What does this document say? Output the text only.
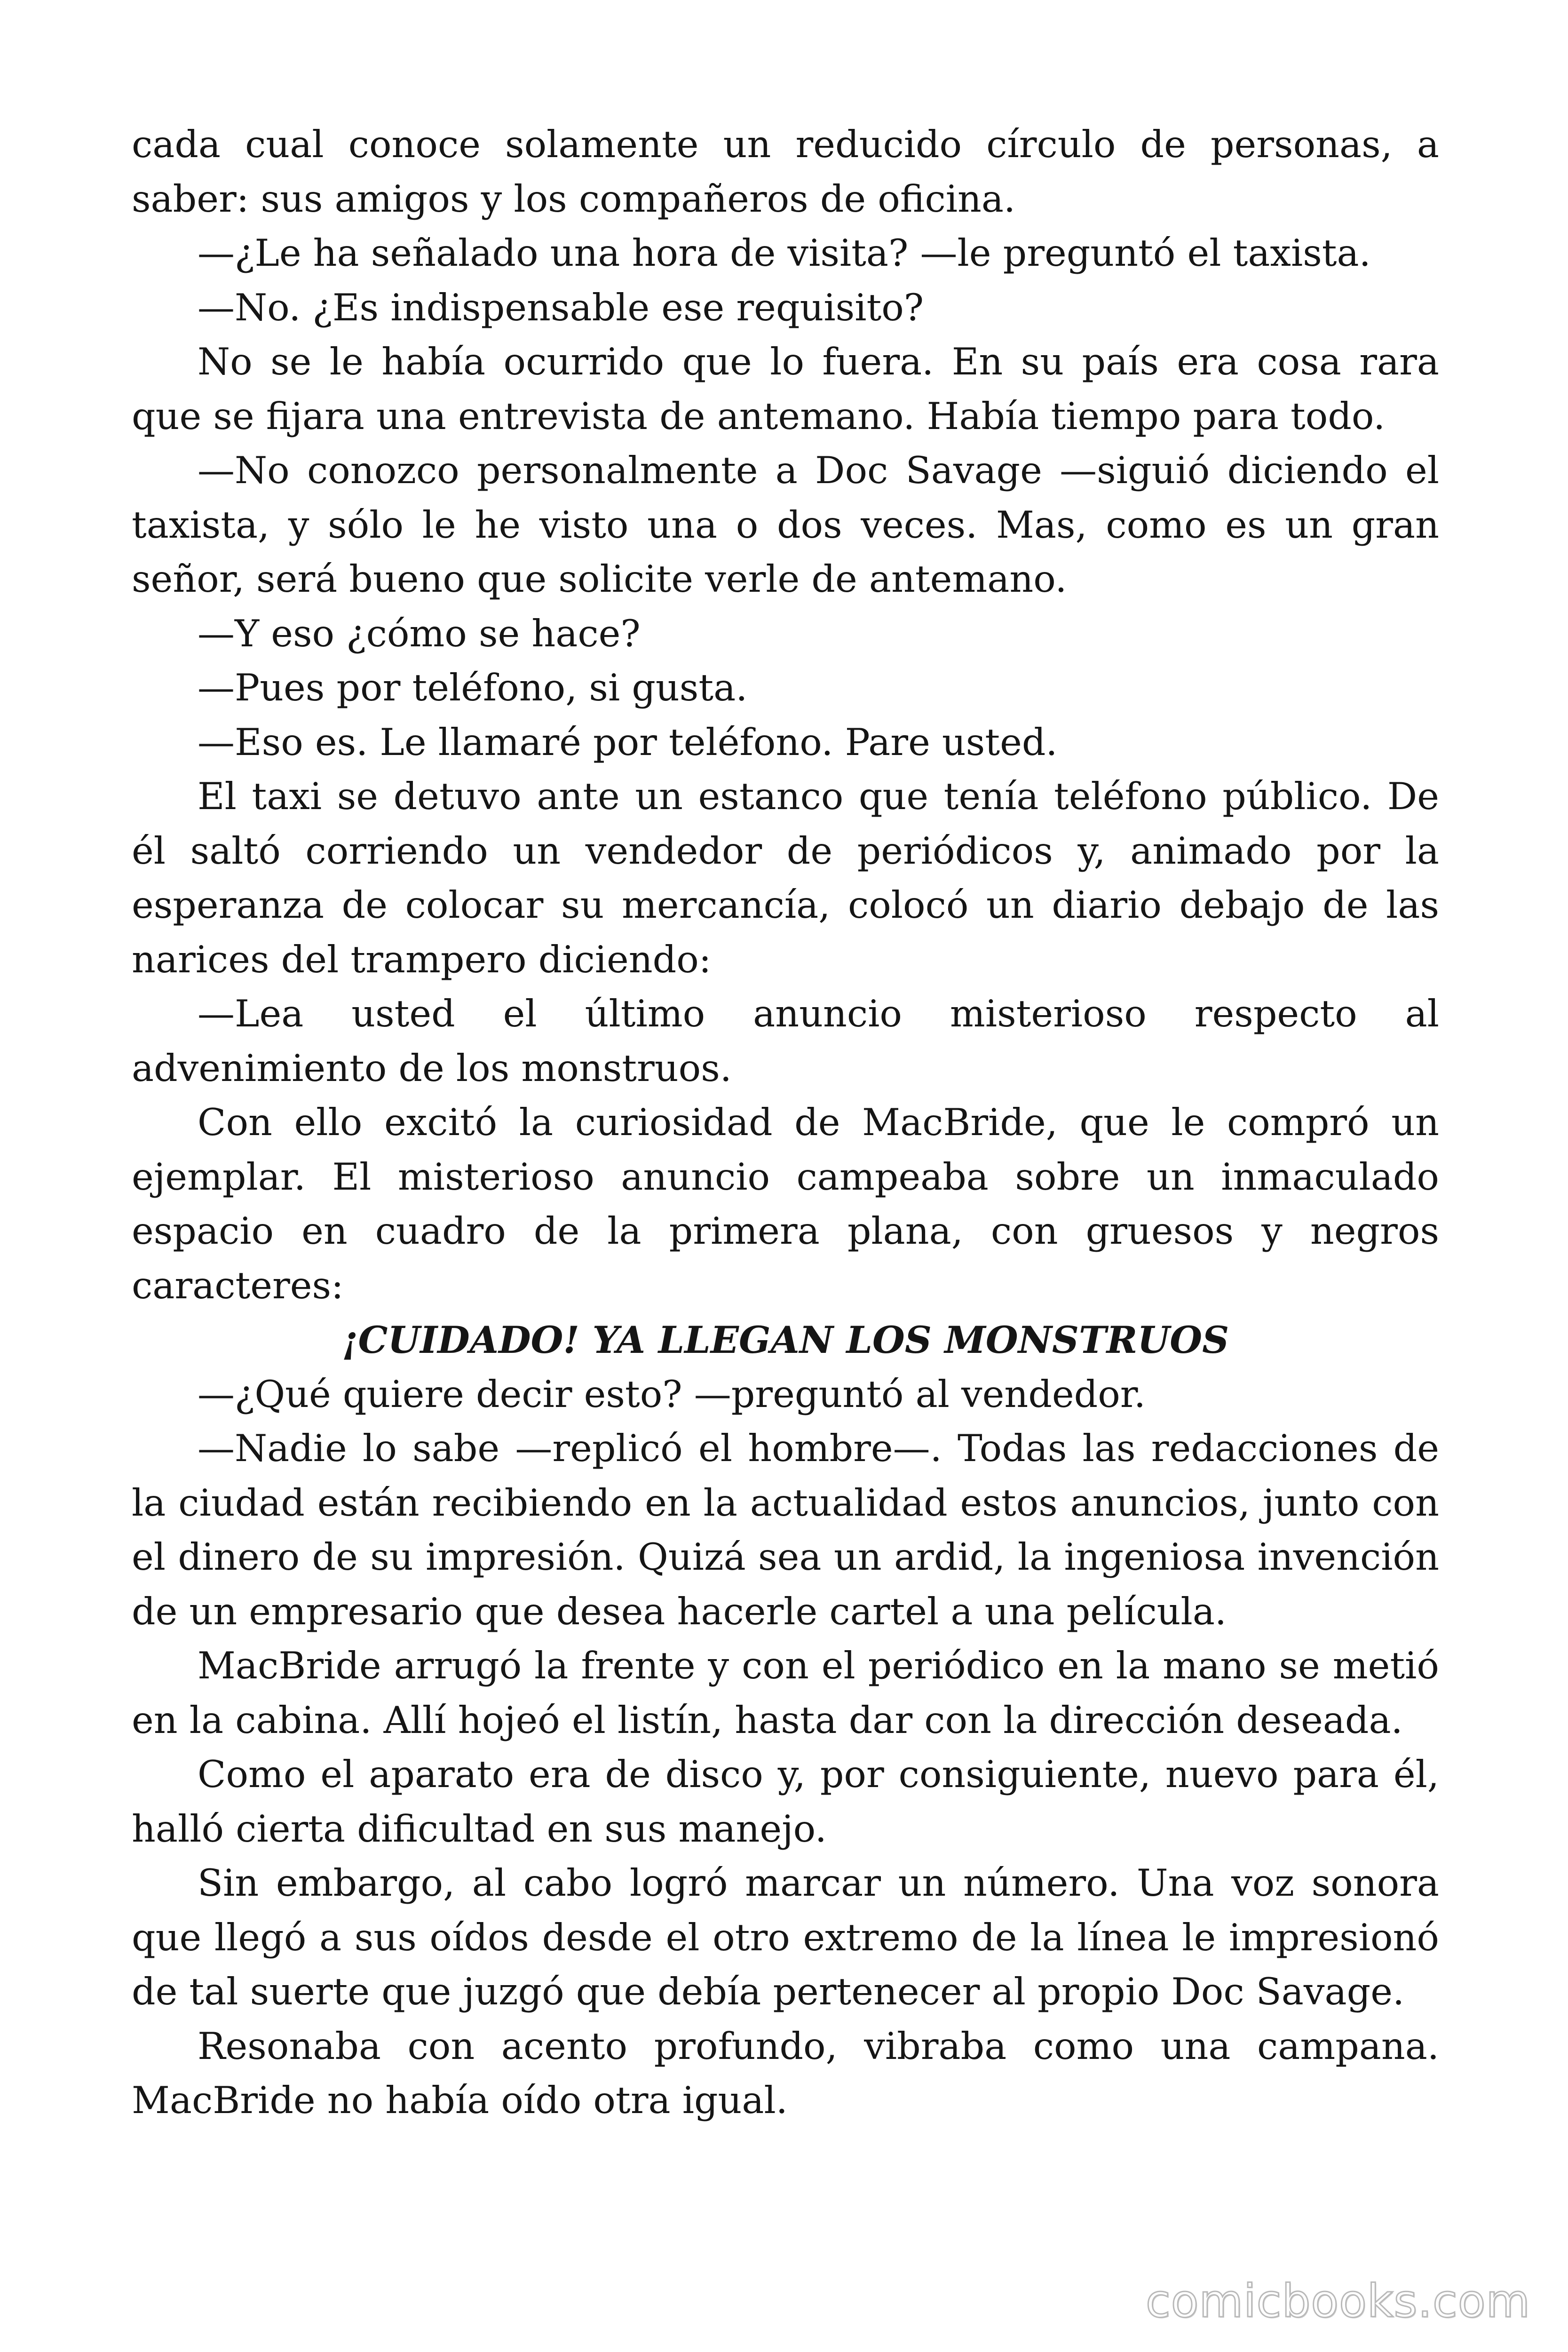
cada cual conoce solamente un reducido círculo de personas, a saber: sus amigos y los compañeros de oficina.

—¿Le ha señalado una hora de visita? —le preguntó el taxista.

—No. ¿Es indispensable ese requisito?

No se le había ocurrido que lo fuera. En su país era cosa rara que se fijara una entrevista de antemano. Había tiempo para todo.

—No conozco personalmente a Doc Savage —siguió diciendo el taxista, y sólo le he visto una o dos veces. Mas, como es un gran señor, será bueno que solicite verle de antemano.

—Y eso ¿cómo se hace?

—Pues por teléfono, si gusta.

—Eso es. Le llamaré por teléfono. Pare usted.

El taxi se detuvo ante un estanco que tenía teléfono público. De él saltó corriendo un vendedor de periódicos y, animado por la esperanza de colocar su mercancía, colocó un diario debajo de las narices del trampero diciendo:

—Lea usted el último anuncio misterioso respecto al advenimiento de los monstruos.

Con ello excitó la curiosidad de MacBride, que le compró un ejemplar. El misterioso anuncio campeaba sobre un inmaculado espacio en cuadro de la primera plana, con gruesos y negros caracteres:

¡CUIDADO! YA LLEGAN LOS MONSTRUOS

—¿Qué quiere decir esto? —preguntó al vendedor.

—Nadie lo sabe —replicó el hombre—. Todas las redacciones de la ciudad están recibiendo en la actualidad estos anuncios, junto con el dinero de su impresión. Quizá sea un ardid, la ingeniosa invención de un empresario que desea hacerle cartel a una película.

MacBride arrugó la frente y con el periódico en la mano se metió en la cabina. Allí hojeó el listín, hasta dar con la dirección deseada.

Como el aparato era de disco y, por consiguiente, nuevo para él, halló cierta dificultad en sus manejo.

Sin embargo, al cabo logró marcar un número. Una voz sonora que llegó a sus oídos desde el otro extremo de la línea le impresionó de tal suerte que juzgó que debía pertenecer al propio Doc Savage.

Resonaba con acento profundo, vibraba como una campana. MacBride no había oído otra igual.

comicbooks.com
